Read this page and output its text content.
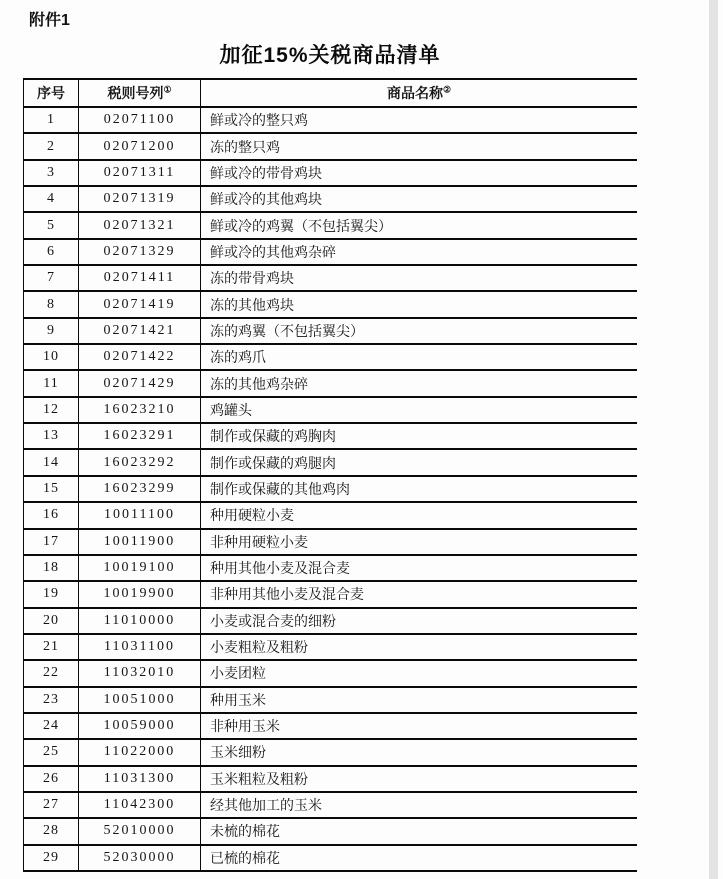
附件1
加征15%关税商品清单
序号	税则号列①	商品名称②
1	02071100	鲜或冷的整只鸡
2	02071200	冻的整只鸡
3	02071311	鲜或冷的带骨鸡块
4	02071319	鲜或冷的其他鸡块
5	02071321	鲜或冷的鸡翼（不包括翼尖）
6	02071329	鲜或冷的其他鸡杂碎
7	02071411	冻的带骨鸡块
8	02071419	冻的其他鸡块
9	02071421	冻的鸡翼（不包括翼尖）
10	02071422	冻的鸡爪
11	02071429	冻的其他鸡杂碎
12	16023210	鸡罐头
13	16023291	制作或保藏的鸡胸肉
14	16023292	制作或保藏的鸡腿肉
15	16023299	制作或保藏的其他鸡肉
16	10011100	种用硬粒小麦
17	10011900	非种用硬粒小麦
18	10019100	种用其他小麦及混合麦
19	10019900	非种用其他小麦及混合麦
20	11010000	小麦或混合麦的细粉
21	11031100	小麦粗粒及粗粉
22	11032010	小麦团粒
23	10051000	种用玉米
24	10059000	非种用玉米
25	11022000	玉米细粉
26	11031300	玉米粗粒及粗粉
27	11042300	经其他加工的玉米
28	52010000	未梳的棉花
29	52030000	已梳的棉花
